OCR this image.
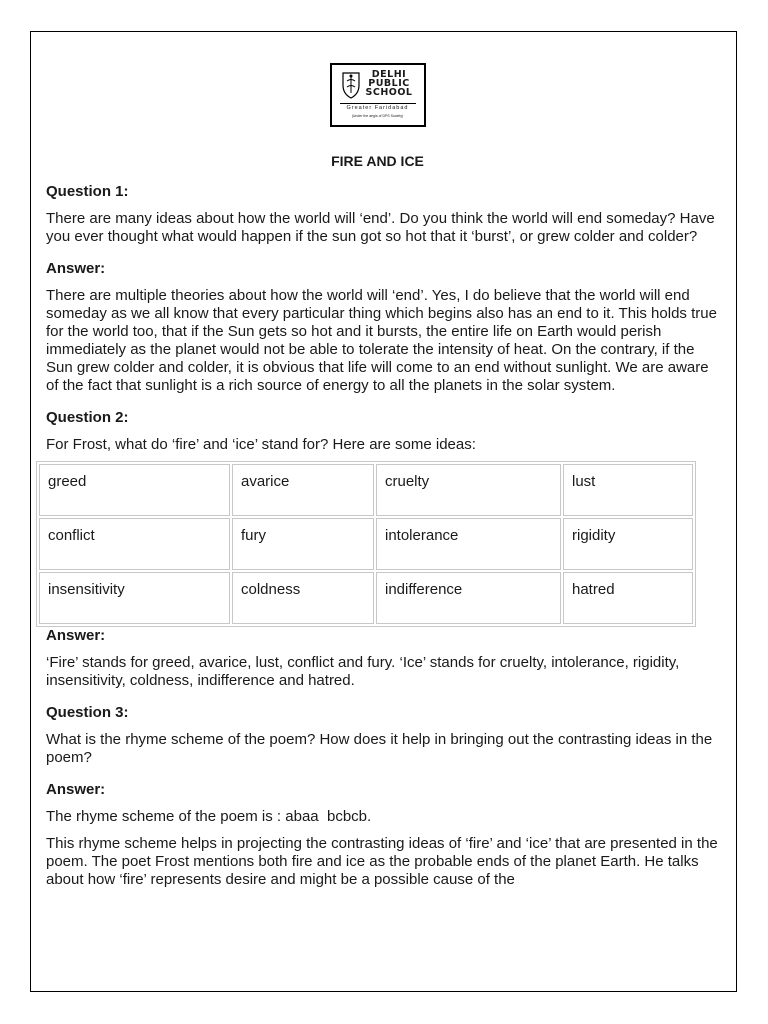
DELHI
PUBLIC
SCHOOL
Greater Faridabad
(Under the aegis of DPS Society)
FIRE AND ICE
Question 1:

There are many ideas about how the world will ‘end’. Do you think the world will end someday? Have you ever thought what would happen if the sun got so hot that it ‘burst’, or grew colder and colder?

Answer:

There are multiple theories about how the world will ‘end’. Yes, I do believe that the world will end someday as we all know that every particular thing which begins also has an end to it. This holds true for the world too, that if the Sun gets so hot and it bursts, the entire life on Earth would perish immediately as the planet would not be able to tolerate the intensity of heat. On the contrary, if the Sun grew colder and colder, it is obvious that life will come to an end without sunlight. We are aware of the fact that sunlight is a rich source of energy to all the planets in the solar system.

Question 2:

For Frost, what do ‘fire’ and ‘ice’ stand for? Here are some ideas:

greed	avarice	cruelty	lust
conflict	fury	intolerance	rigidity
insensitivity	coldness	indifference	hatred
Answer:

‘Fire’ stands for greed, avarice, lust, conflict and fury. ‘Ice’ stands for cruelty, intolerance, rigidity, insensitivity, coldness, indifference and hatred.

Question 3:

What is the rhyme scheme of the poem? How does it help in bringing out the contrasting ideas in the poem?

Answer:

The rhyme scheme of the poem is : abaa  bcbcb.

This rhyme scheme helps in projecting the contrasting ideas of ‘fire’ and ‘ice’ that are presented in the poem. The poet Frost mentions both fire and ice as the probable ends of the planet Earth. He talks about how ‘fire’ represents desire and might be a possible cause of the
